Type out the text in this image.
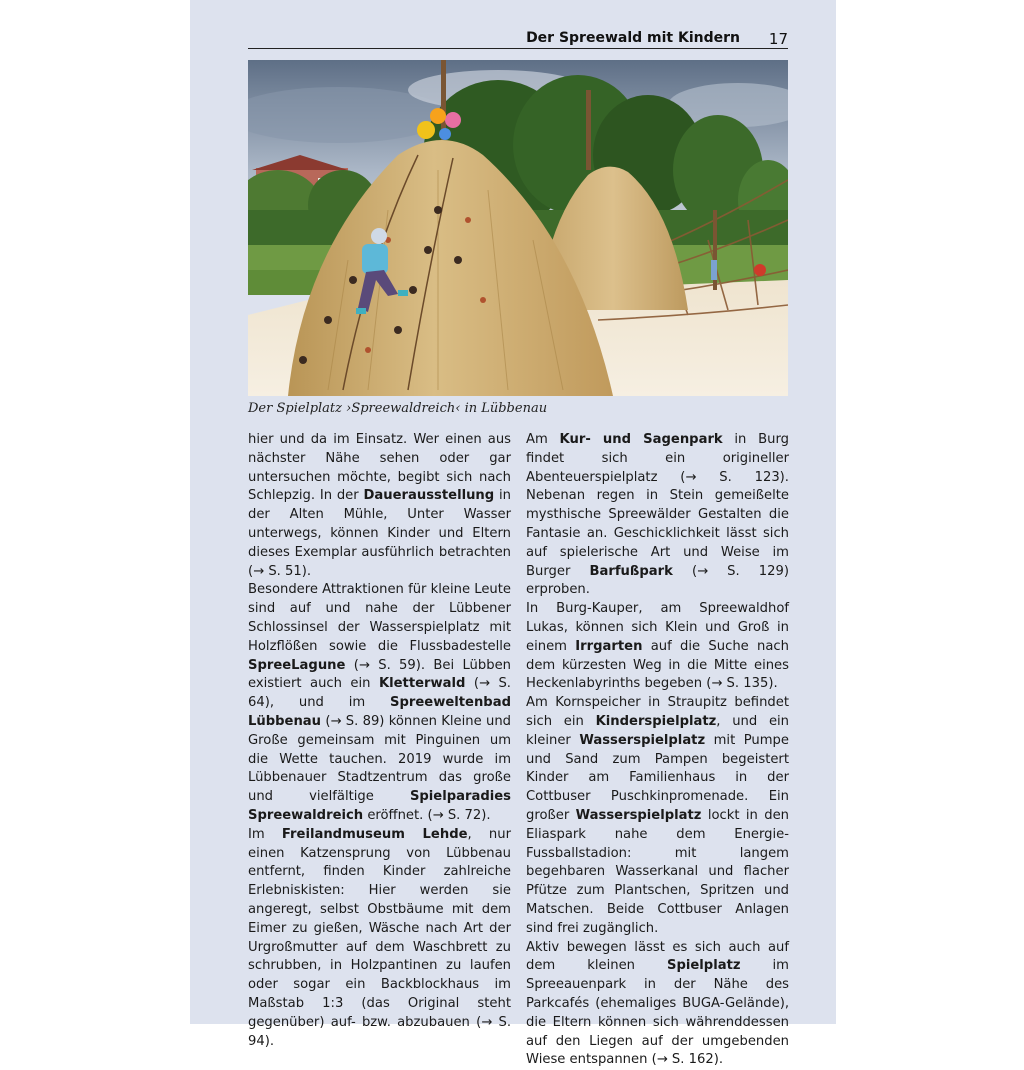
Der Spreewald mit Kindern 17
Der Spielplatz ›Spreewaldreich‹ in Lübbenau

hier und da im Einsatz. Wer einen aus nächster Nähe sehen oder gar untersuchen möchte, begibt sich nach Schlepzig. In der Dauerausstellung in der Alten Mühle, Unter Wasser unterwegs, können Kinder und Eltern dieses Exemplar ausführlich betrachten (→ S. 51).

Besondere Attraktionen für kleine Leute sind auf und nahe der Lübbener Schlossinsel der Wasserspielplatz mit Holzflößen sowie die Flussbadestelle SpreeLagune (→ S. 59). Bei Lübben existiert auch ein Kletterwald (→ S. 64), und im Spreeweltenbad Lübbenau (→ S. 89) können Kleine und Große gemeinsam mit Pinguinen um die Wette tauchen. 2019 wurde im Lübbenauer Stadtzentrum das große und vielfältige Spielparadies Spreewaldreich eröffnet. (→ S. 72).

Im Freilandmuseum Lehde, nur einen Katzensprung von Lübbenau entfernt, finden Kinder zahlreiche Erlebniskisten: Hier werden sie angeregt, selbst Obstbäume mit dem Eimer zu gießen, Wäsche nach Art der Urgroßmutter auf dem Waschbrett zu schrubben, in Holzpantinen zu laufen oder sogar ein Backblockhaus im Maßstab 1:3 (das Original steht gegenüber) auf- bzw. abzubauen (→ S. 94).

Am Kur- und Sagenpark in Burg findet sich ein origineller Abenteuerspielplatz (→ S. 123). Nebenan regen in Stein gemeißelte mysthische Spreewälder Gestalten die Fantasie an. Geschicklichkeit lässt sich auf spielerische Art und Weise im Burger Barfußpark (→ S. 129) erproben.

In Burg-Kauper, am Spreewaldhof Lukas, können sich Klein und Groß in einem Irrgarten auf die Suche nach dem kürzesten Weg in die Mitte eines Heckenlabyrinths begeben (→ S. 135).

Am Kornspeicher in Straupitz befindet sich ein Kinderspielplatz, und ein kleiner Wasserspielplatz mit Pumpe und Sand zum Pampen begeistert Kinder am Familienhaus in der Cottbuser Puschkinpromenade. Ein großer Wasserspielplatz lockt in den Eliaspark nahe dem Energie-Fussballstadion: mit langem begehbaren Wasserkanal und flacher Pfütze zum Plantschen, Spritzen und Matschen. Beide Cottbuser Anlagen sind frei zugänglich.

Aktiv bewegen lässt es sich auch auf dem kleinen Spielplatz im Spreeauenpark in der Nähe des Parkcafés (ehemaliges BUGA-Gelände), die Eltern können sich währenddessen auf den Liegen auf der umgebenden Wiese entspannen (→ S. 162).
